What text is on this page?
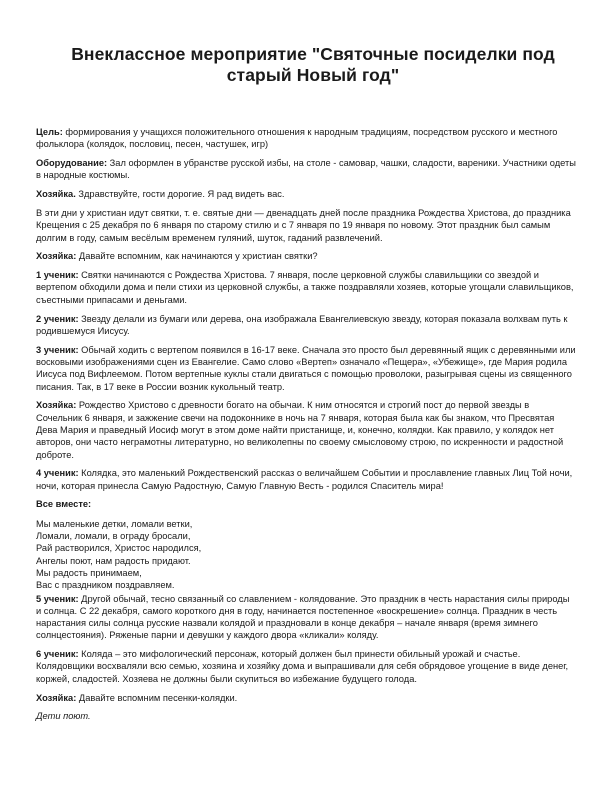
Внеклассное мероприятие "Святочные посиделки под старый Новый год"

Цель: формирования у учащихся положительного отношения к народным традициям, посредством русского и местного фольклора (колядок, пословиц, песен, частушек, игр)

Оборудование: Зал оформлен в убранстве русской избы, на столе - самовар, чашки, сладости, вареники. Участники одеты в народные костюмы.

Хозяйка. Здравствуйте, гости дорогие. Я рад видеть вас.

В эти дни у христиан идут святки, т. е. святые дни — двенадцать дней после праздника Рождества Христова, до праздника Крещения с 25 декабря по 6 января по старому стилю и с 7 января по 19 января по новому. Этот праздник был самым долгим в году, самым весёлым временем гуляний, шуток, гаданий развлечений.

Хозяйка: Давайте вспомним, как начинаются у христиан святки?

1 ученик: Святки начинаются с Рождества Христова. 7 января, после церковной службы славильщики со звездой и вертепом обходили дома и пели стихи из церковной службы, а также поздравляли хозяев, которые угощали славильщиков, съестными припасами и деньгами.

2 ученик: Звезду делали из бумаги или дерева, она изображала Евангелиевскую звезду, которая показала волхвам путь к родившемуся Иисусу.

3 ученик: Обычай ходить с вертепом появился в 16-17 веке. Сначала это просто был деревянный ящик с деревянными или восковыми изображениями сцен из Евангелие. Само слово «Вертеп» означало «Пещера», «Убежище», где Мария родила Иисуса под Вифлеемом. Потом вертепные куклы стали двигаться с помощью проволоки, разыгрывая сцены из священного писания. Так, в 17 веке в России возник кукольный театр.

Хозяйка: Рождество Христово с древности богато на обычаи. К ним относятся и строгий пост до первой звезды в Сочельник 6 января, и зажжение свечи на подоконнике в ночь на 7 января, которая была как бы знаком, что Пресвятая Дева Мария и праведный Иосиф могут в этом доме найти пристанище, и, конечно, колядки. Как правило, у колядок нет авторов, они часто неграмотны литературно, но великолепны по своему смысловому строю, по искренности и радостной доброте.

4 ученик: Колядка, это маленький Рождественский рассказ о величайшем Событии и прославление главных Лиц Той ночи, ночи, которая принесла Самую Радостную, Самую Главную Весть - родился Спаситель мира!

Все вместе:

Мы маленькие детки, ломали ветки,
Ломали, ломали, в ограду бросали,
Рай растворился, Христос народился,
Ангелы поют, нам радость придают.
Мы радость принимаем,
Вас с праздником поздравляем.

5 ученик: Другой обычай, тесно связанный со славлением - колядование. Это праздник в честь нарастания силы природы и солнца. С 22 декабря, самого короткого дня в году, начинается постепенное «воскрешение» солнца. Праздник в честь нарастания силы солнца русские назвали колядой и праздновали в конце декабря – начале января (время зимнего солнцестояния). Ряженые парни и девушки у каждого двора «кликали» коляду.

6 ученик: Коляда – это мифологический персонаж, который должен был принести обильный урожай и счастье. Колядовщики восхваляли всю семью, хозяина и хозяйку дома и выпрашивали для себя обрядовое угощение в виде денег, коржей, сладостей. Хозяева не должны были скупиться во избежание будущего голода.

Хозяйка: Давайте вспомним песенки-колядки.

Дети поют.
